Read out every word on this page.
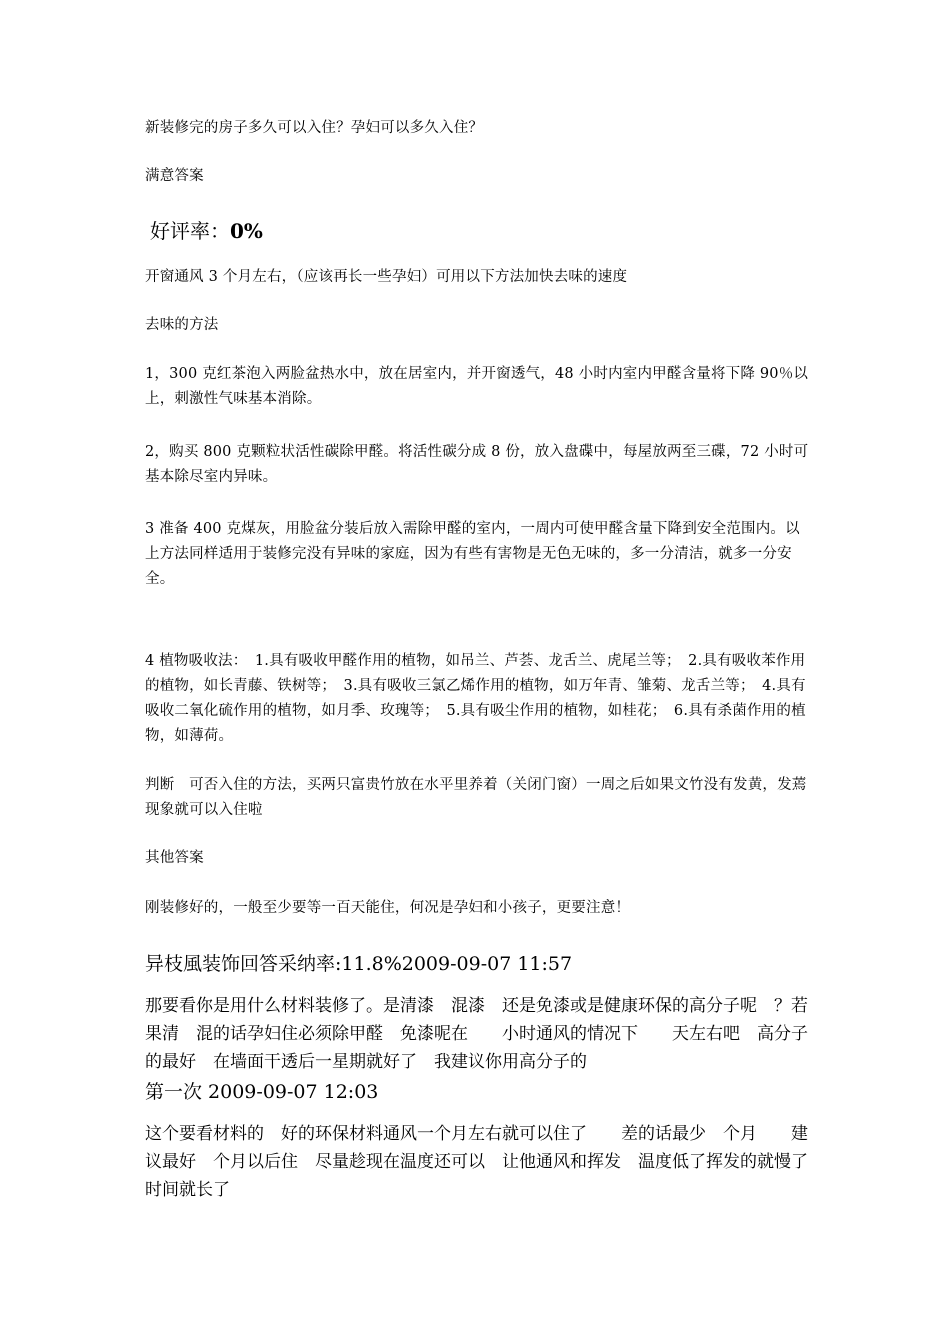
新装修完的房子多久可以入住？孕妇可以多久入住？

满意答案

好评率：0%

开窗通风 3 个月左右，（应该再长一些孕妇）可用以下方法加快去味的速度

去味的方法

1，300 克红茶泡入两脸盆热水中，放在居室内，并开窗透气，48 小时内室内甲醛含量将下降 90％以上，刺激性气味基本消除。

2，购买 800 克颗粒状活性碳除甲醛。将活性碳分成 8 份，放入盘碟中，每屋放两至三碟，72 小时可基本除尽室内异味。

3 准备 400 克煤灰，用脸盆分装后放入需除甲醛的室内，一周内可使甲醛含量下降到安全范围内。以上方法同样适用于装修完没有异味的家庭，因为有些有害物是无色无味的，多一分清洁，就多一分安全。

4 植物吸收法：　1.具有吸收甲醛作用的植物，如吊兰、芦荟、龙舌兰、虎尾兰等；　2.具有吸收苯作用的植物，如长青藤、铁树等；　3.具有吸收三氯乙烯作用的植物，如万年青、雏菊、龙舌兰等；　4.具有吸收二氧化硫作用的植物，如月季、玫瑰等；　5.具有吸尘作用的植物，如桂花；　6.具有杀菌作用的植物，如薄荷。

判断　可否入住的方法，买两只富贵竹放在水平里养着（关闭门窗）一周之后如果文竹没有发黄，发蔫现象就可以入住啦

其他答案

刚装修好的，一般至少要等一百天能住，何况是孕妇和小孩子，更要注意！

异枝風装饰回答采纳率:11.8%2009-09-07 11:57

那要看你是用什么材料装修了。是清漆　混漆　还是免漆或是健康环保的高分子呢　？若果清　混的话孕妇住必须除甲醛　免漆呢在　　小时通风的情况下　　天左右吧　高分子的最好　在墙面干透后一星期就好了　我建议你用高分子的

第一次 2009-09-07 12:03

这个要看材料的　好的环保材料通风一个月左右就可以住了　　差的话最少　个月　　建议最好　个月以后住　尽量趁现在温度还可以　让他通风和挥发　温度低了挥发的就慢了时间就长了
